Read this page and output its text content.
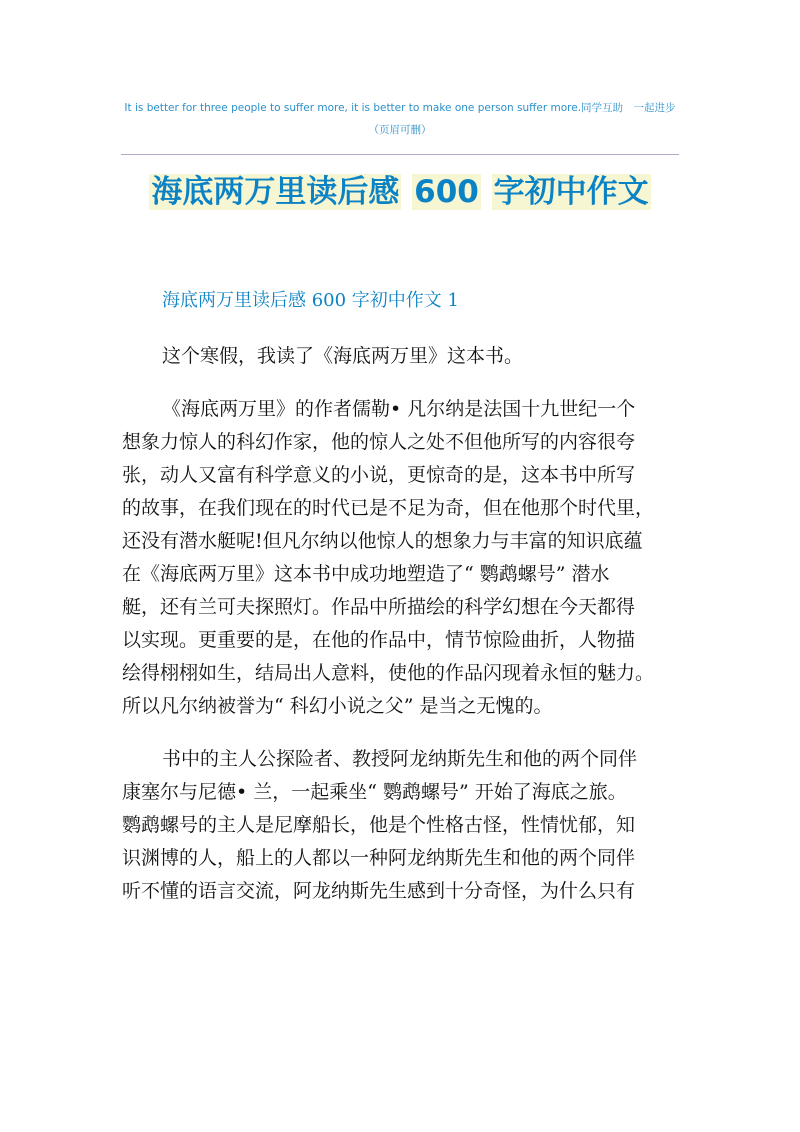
It is better for three people to suffer more, it is better to make one person suffer more.同学互助　一起进步
（页眉可删）
海底两万里读后感 600 字初中作文
海底两万里读后感 600 字初中作文 1
这个寒假，我读了《海底两万里》这本书。
《海底两万里》的作者儒勒• 凡尔纳是法国十九世纪一个
想象力惊人的科幻作家，他的惊人之处不但他所写的内容很夸
张，动人又富有科学意义的小说，更惊奇的是，这本书中所写
的故事，在我们现在的时代已是不足为奇，但在他那个时代里，
还没有潜水艇呢!但凡尔纳以他惊人的想象力与丰富的知识底蕴
在《海底两万里》这本书中成功地塑造了“ 鹦鹉螺号” 潜水
艇，还有兰可夫探照灯。作品中所描绘的科学幻想在今天都得
以实现。更重要的是，在他的作品中，情节惊险曲折，人物描
绘得栩栩如生，结局出人意料，使他的作品闪现着永恒的魅力。
所以凡尔纳被誉为“ 科幻小说之父” 是当之无愧的。
书中的主人公探险者、教授阿龙纳斯先生和他的两个同伴
康塞尔与尼德• 兰，一起乘坐“ 鹦鹉螺号” 开始了海底之旅。
鹦鹉螺号的主人是尼摩船长，他是个性格古怪，性情忧郁，知
识渊博的人，船上的人都以一种阿龙纳斯先生和他的两个同伴
听不懂的语言交流，阿龙纳斯先生感到十分奇怪，为什么只有
